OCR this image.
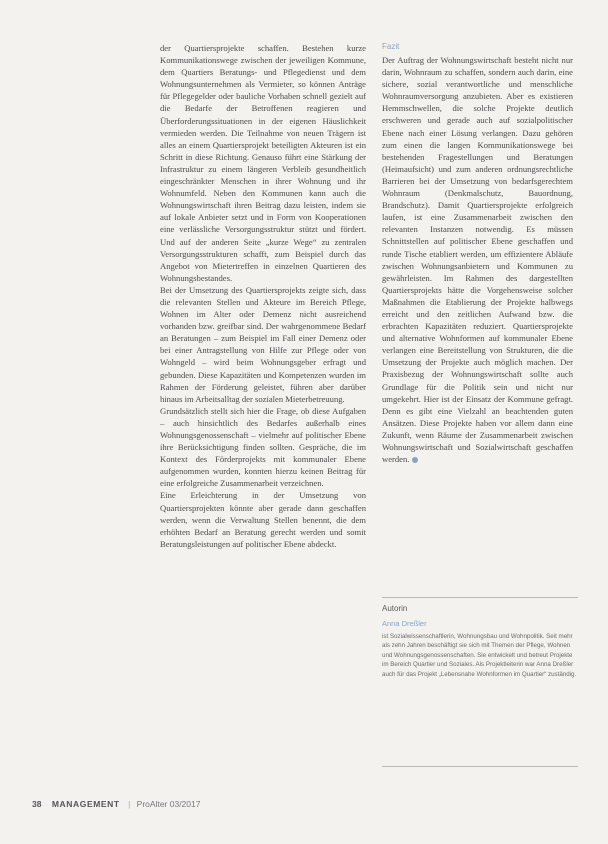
der Quartiersprojekte schaffen. Bestehen kurze Kommunikationswege zwischen der jeweiligen Kommune, dem Quartiers Beratungs- und Pflegedienst und dem Wohnungsunternehmen als Vermieter, so können Anträge für Pflegegelder oder bauliche Vorhaben schnell gezielt auf die Bedarfe der Betroffenen reagieren und Überforderungssituationen in der eigenen Häuslichkeit vermieden werden. Die Teilnahme von neuen Trägern ist alles an einem Quartiersprojekt beteiligten Akteuren ist ein Schritt in diese Richtung. Genauso führt eine Stärkung der Infrastruktur zu einem längeren Verbleib gesundheitlich eingeschränkter Menschen in ihrer Wohnung und ihr Wohnumfeld. Neben den Kommunen kann auch die Wohnungswirtschaft ihren Beitrag dazu leisten, indem sie auf lokale Anbieter setzt und in Form von Kooperationen eine verlässliche Versorgungsstruktur stützt und fördert. Und auf der anderen Seite „kurze Wege“ zu zentralen Versorgungsstrukturen schafft, zum Beispiel durch das Angebot von Mietertreffen in einzelnen Quartieren des Wohnungsbestandes.

Bei der Umsetzung des Quartiersprojekts zeigte sich, dass die relevanten Stellen und Akteure im Bereich Pflege, Wohnen im Alter oder Demenz nicht ausreichend vorhanden bzw. greifbar sind. Der wahrgenommene Bedarf an Beratungen – zum Beispiel im Fall einer Demenz oder bei einer Antragstellung von Hilfe zur Pflege oder von Wohngeld – wird beim Wohnungsgeber erfragt und gebunden. Diese Kapazitäten und Kompetenzen wurden im Rahmen der Förderung geleistet, führen aber darüber hinaus im Arbeitsalltag der sozialen Mieterbetreuung.

Grundsätzlich stellt sich hier die Frage, ob diese Aufgaben – auch hinsichtlich des Bedarfes außerhalb eines Wohnungsgenossenschaft – vielmehr auf politischer Ebene ihre Berücksichtigung finden sollten. Gespräche, die im Kontext des Förderprojekts mit kommunaler Ebene aufgenommen wurden, konnten hierzu keinen Beitrag für eine erfolgreiche Zusammenarbeit verzeichnen.

Eine Erleichterung in der Umsetzung von Quartiersprojekten könnte aber gerade dann geschaffen werden, wenn die Verwaltung Stellen benennt, die dem erhöhten Bedarf an Beratung gerecht werden und somit Beratungsleistungen auf politischer Ebene abdeckt.

Fazit

Der Auftrag der Wohnungswirtschaft besteht nicht nur darin, Wohnraum zu schaffen, sondern auch darin, eine sichere, sozial verantwortliche und menschliche Wohnraumversorgung anzubieten. Aber es existieren Hemmschwellen, die solche Projekte deutlich erschweren und gerade auch auf sozialpolitischer Ebene nach einer Lösung verlangen. Dazu gehören zum einen die langen Kommunikationswege bei bestehenden Fragestellungen und Beratungen (Heimaufsicht) und zum anderen ordnungsrechtliche Barrieren bei der Umsetzung von bedarfsgerechtem Wohnraum (Denkmalschutz, Bauordnung, Brandschutz). Damit Quartiersprojekte erfolgreich laufen, ist eine Zusammenarbeit zwischen den relevanten Instanzen notwendig. Es müssen Schnittstellen auf politischer Ebene geschaffen und runde Tische etabliert werden, um effizientere Abläufe zwischen Wohnungsanbietern und Kommunen zu gewährleisten. Im Rahmen des dargestellten Quartiersprojekts hätte die Vorgehensweise solcher Maßnahmen die Etablierung der Projekte halbwegs erreicht und den zeitlichen Aufwand bzw. die erbrachten Kapazitäten reduziert. Quartiersprojekte und alternative Wohnformen auf kommunaler Ebene verlangen eine Bereitstellung von Strukturen, die die Umsetzung der Projekte auch möglich machen. Der Praxisbezug der Wohnungswirtschaft sollte auch Grundlage für die Politik sein und nicht nur umgekehrt. Hier ist der Einsatz der Kommune gefragt. Denn es gibt eine Vielzahl an beachtenden guten Ansätzen. Diese Projekte haben vor allem dann eine Zukunft, wenn Räume der Zusammenarbeit zwischen Wohnungswirtschaft und Sozialwirtschaft geschaffen werden.

Autorin
Anna Dreßler

ist Sozialwissenschaftlerin, Wohnungsbau und Wohnpolitik. Seit mehr als zehn Jahren beschäftigt sie sich mit Themen der Pflege, Wohnen und Wohnungsgenossenschaften. Sie entwickelt und betreut Projekte im Bereich Quartier und Soziales. Als Projektleiterin war Anna Dreßler auch für das Projekt „Lebensnahe Wohnformen im Quartier“ zuständig.

38 MANAGEMENT | ProAlter 03/2017
